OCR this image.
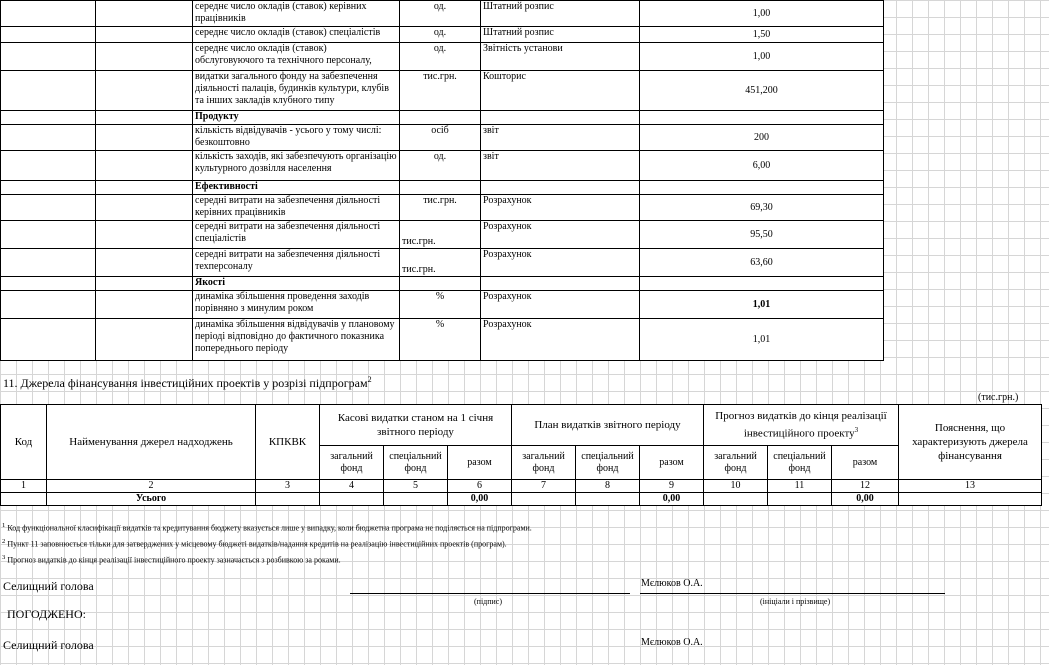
		середнє число окладів (ставок) керівних працівників	од.	Штатний розпис	1,00
		середнє число окладів (ставок) спеціалістів	од.	Штатний розпис	1,50
		середнє число окладів (ставок) обслуговуючого та технічного персоналу,	од.	Звітність установи	1,00
		видатки загального фонду на забезпечення діяльності палаців, будинків культури, клубів та інших закладів клубного типу	тис.грн.	Кошторис	451,200
		Продукту			
		кількість відвідувачів - усього у тому числі: безкоштовно	осіб	звіт	200
		кількість заходів, які забезпечують організацію культурного дозвілля населення	од.	звіт	6,00
		Ефективності			
		середні витрати на забезпечення діяльності керівних працівників	тис.грн.	Розрахунок	69,30
		середні витрати на забезпечення діяльності спеціалістів	тис.грн.	Розрахунок	95,50
		середні витрати на забезпечення діяльності техперсоналу	тис.грн.	Розрахунок	63,60
		Якості			
		динаміка збільшення проведення заходів порівняно з минулим роком	%	Розрахунок	1,01
		динаміка збільшення відвідувачів у плановому періоді відповідно до фактичного показника попереднього періоду	%	Розрахунок	1,01
11. Джерела фінансування інвестиційних проектів у розрізі підпрограм$^2$
(тис.грн.)
Код	Найменування джерел надходжень	КПКВК	Касові видатки станом на 1 січня звітного періоду			План видатків звітного періоду			Прогноз видатків до кінця реалізації інвестиційного проекту$^3$			Пояснення, що характеризують джерела фінансування
			загальний фонд	спеціальний фонд	разом	загальний фонд	спеціальний фонд	разом	загальний фонд	спеціальний фонд	разом	
1	2	3	4	5	6	7	8	9	10	11	12	13
	Усього				0,00			0,00			0,00	
$^1$ Код функціональної класифікації видатків та кредитування бюджету вказується лише у випадку, коли бюджетна програма не поділяється на підпрограми.
$^2$ Пункт 11 заповнюється тільки для затверджених у місцевому бюджеті видатків/надання кредитів на реалізацію інвестиційних проектів (програм).
$^3$ Прогноз видатків до кінця реалізації інвестиційного проекту зазначається з розбивкою за роками.
Селищний голова	Мєлюков О.А.
(підпис)	(ініціали і прізвище)
ПОГОДЖЕНО:
Селищний голова	Мєлюков О.А.
